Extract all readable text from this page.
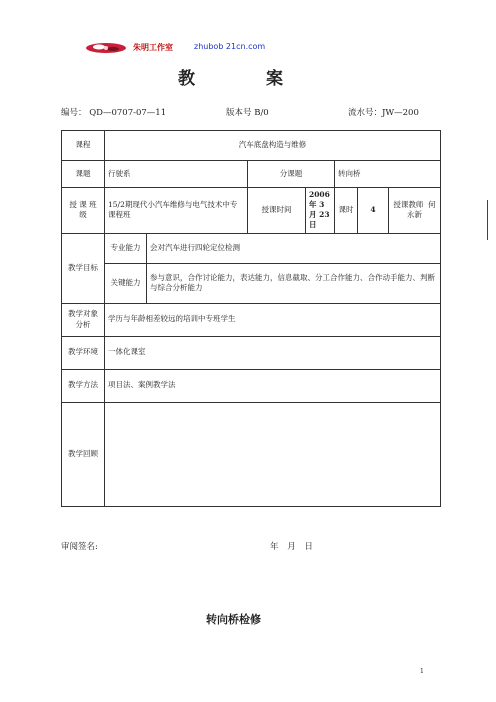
朱明工作室	zhubob 21cn.com
教	案
编号： QD—0707-07—11	版本号 B/0	流水号：JW—200
课程	汽车底盘构造与维修						
课题	行驶系		分课题		转向桥		
授 课 班 级	15/2期现代小汽车维修与电气技术中专课程班		授课时间	2006 年 3 月 23 日	课时	4	授课教师 何永新
教学目标	专业能力	会对汽车进行四轮定位检测					
	关键能力	参与意识，合作讨论能力，表达能力，信息截取、分工合作能力、合作动手能力、判断与综合分析能力					
教学对象分析	学历与年龄相差较远的培训中专班学生						
教学环境	一体化课室						
教学方法	项目法、案例教学法						
教学回顾							
审阅签名:	年 月 日
转向桥检修
1
